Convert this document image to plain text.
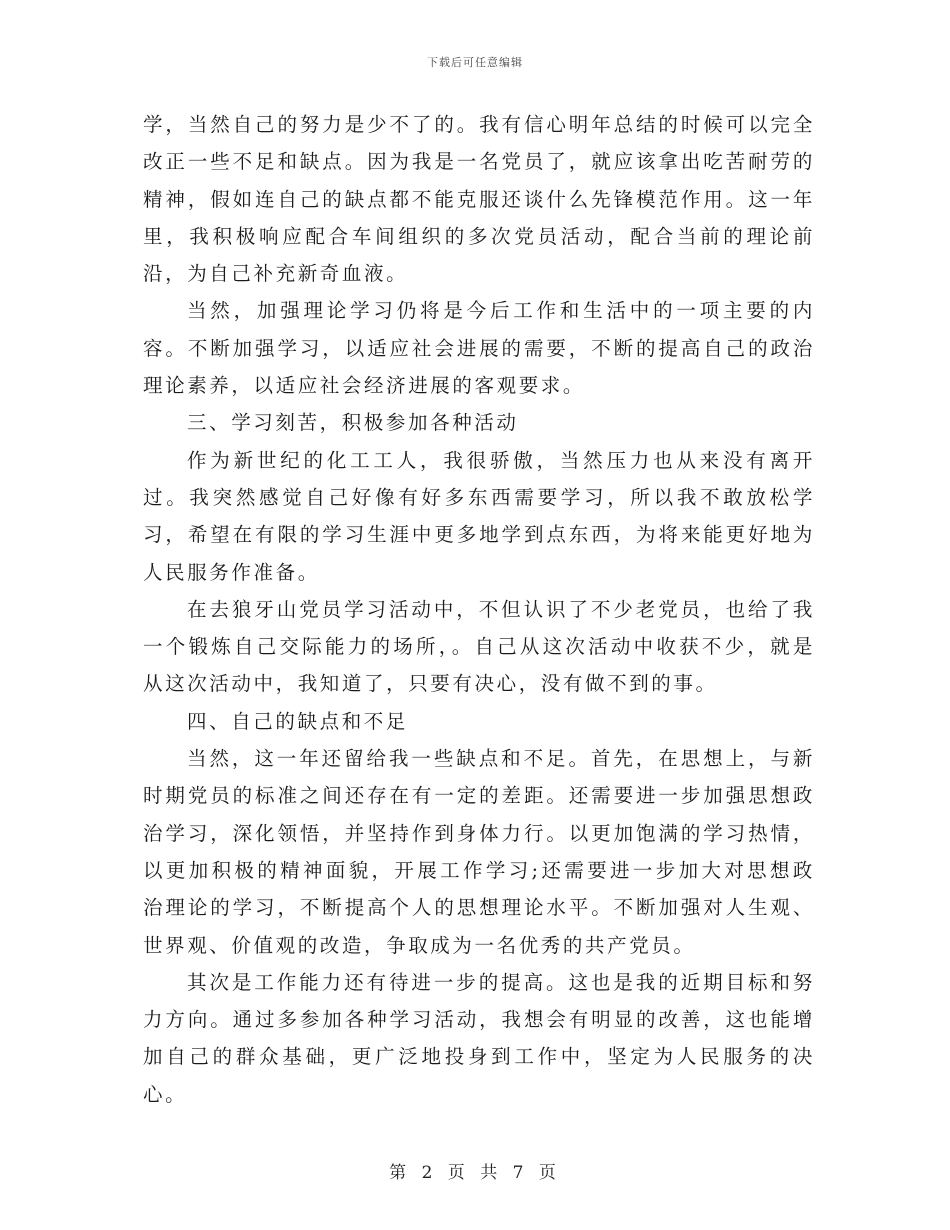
下载后可任意编辑

学，当然自己的努力是少不了的。我有信心明年总结的时候可以完全改正一些不足和缺点。因为我是一名党员了，就应该拿出吃苦耐劳的精神，假如连自己的缺点都不能克服还谈什么先锋模范作用。这一年里，我积极响应配合车间组织的多次党员活动，配合当前的理论前沿，为自己补充新奇血液。

当然，加强理论学习仍将是今后工作和生活中的一项主要的内容。不断加强学习，以适应社会进展的需要，不断的提高自己的政治理论素养，以适应社会经济进展的客观要求。

三、学习刻苦，积极参加各种活动

作为新世纪的化工工人，我很骄傲，当然压力也从来没有离开过。我突然感觉自己好像有好多东西需要学习，所以我不敢放松学习，希望在有限的学习生涯中更多地学到点东西，为将来能更好地为人民服务作准备。

在去狼牙山党员学习活动中，不但认识了不少老党员，也给了我一个锻炼自己交际能力的场所，。自己从这次活动中收获不少，就是从这次活动中，我知道了，只要有决心，没有做不到的事。

四、自己的缺点和不足

当然，这一年还留给我一些缺点和不足。首先，在思想上，与新时期党员的标准之间还存在有一定的差距。还需要进一步加强思想政治学习，深化领悟，并坚持作到身体力行。以更加饱满的学习热情，以更加积极的精神面貌，开展工作学习;还需要进一步加大对思想政治理论的学习，不断提高个人的思想理论水平。不断加强对人生观、世界观、价值观的改造，争取成为一名优秀的共产党员。

其次是工作能力还有待进一步的提高。这也是我的近期目标和努力方向。通过多参加各种学习活动，我想会有明显的改善，这也能增加自己的群众基础，更广泛地投身到工作中，坚定为人民服务的决心。

第 2 页 共 7 页
